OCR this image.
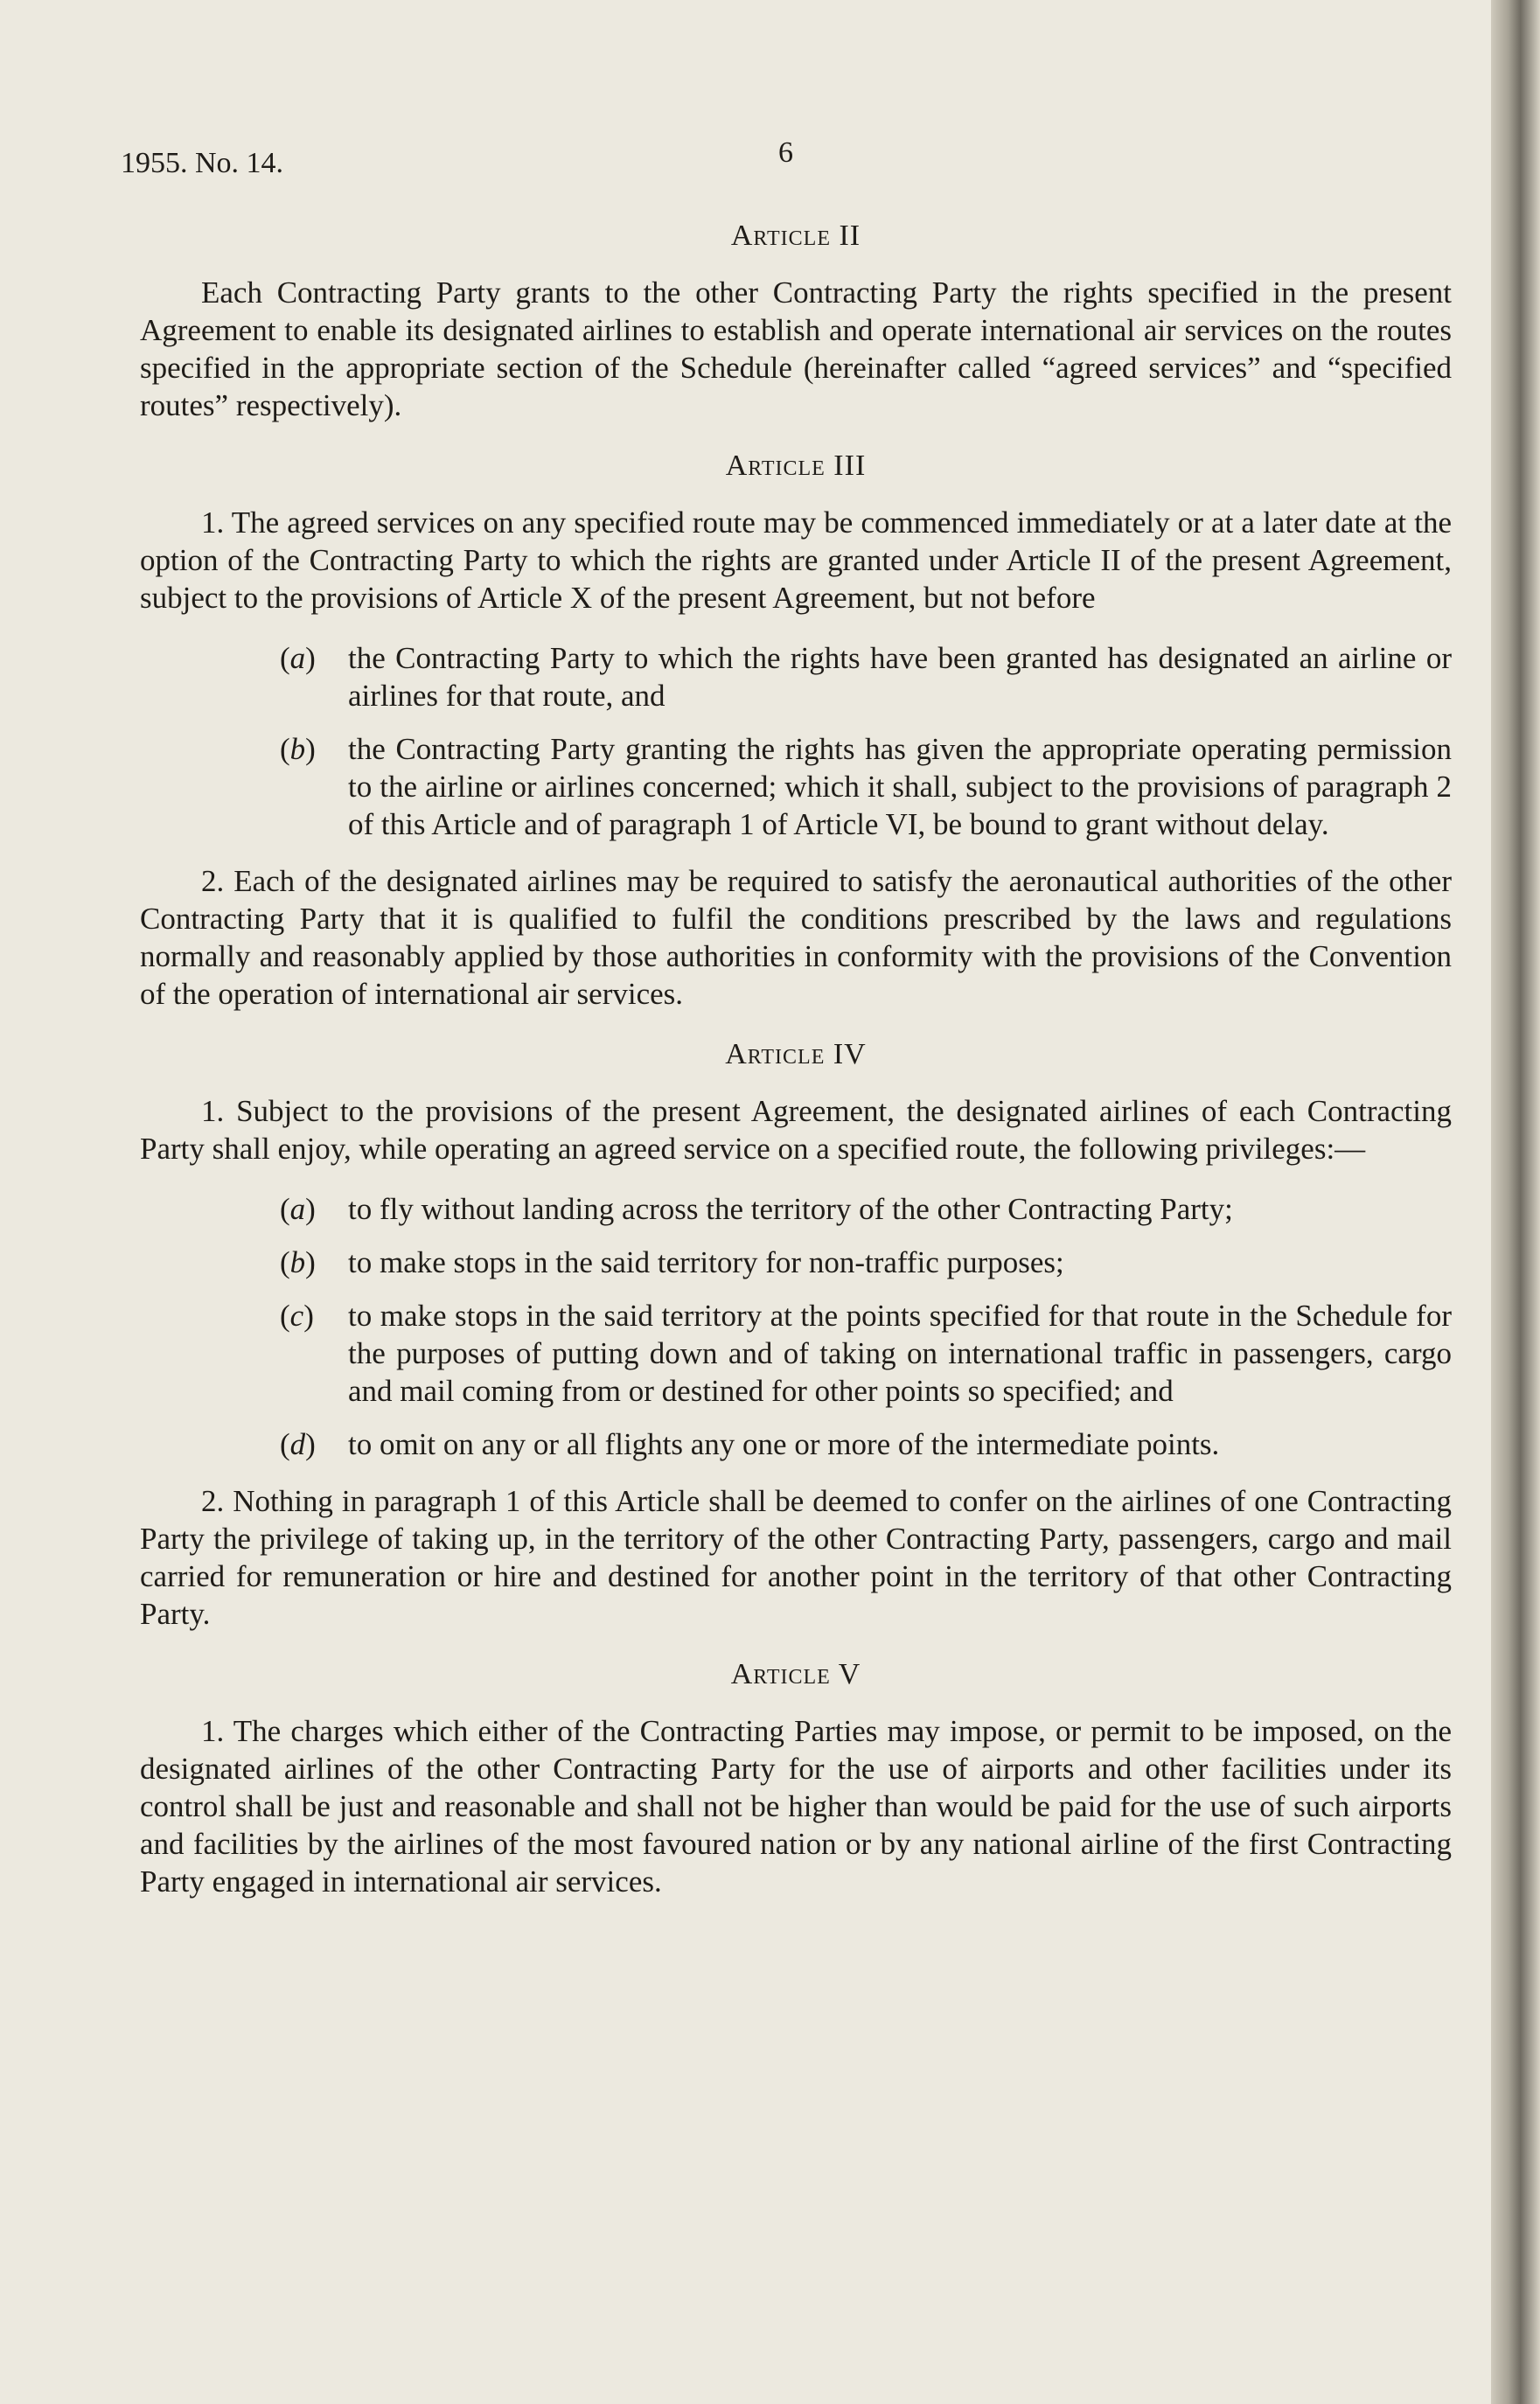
1955. No. 14.	6
Article II

Each Contracting Party grants to the other Contracting Party the rights specified in the present Agreement to enable its designated airlines to establish and operate international air services on the routes specified in the appropriate section of the Schedule (hereinafter called “agreed services” and “specified routes” respectively).

Article III

1. The agreed services on any specified route may be commenced immediately or at a later date at the option of the Contracting Party to which the rights are granted under Article II of the present Agreement, subject to the provisions of Article X of the present Agreement, but not before

(a) the Contracting Party to which the rights have been granted has designated an airline or airlines for that route, and
(b) the Contracting Party granting the rights has given the appropriate operating permission to the airline or airlines concerned; which it shall, subject to the provisions of paragraph 2 of this Article and of paragraph 1 of Article VI, be bound to grant without delay.

2. Each of the designated airlines may be required to satisfy the aeronautical authorities of the other Contracting Party that it is qualified to fulfil the conditions prescribed by the laws and regulations normally and reasonably applied by those authorities in conformity with the provisions of the Convention of the operation of international air services.

Article IV

1. Subject to the provisions of the present Agreement, the designated airlines of each Contracting Party shall enjoy, while operating an agreed service on a specified route, the following privileges:—

(a) to fly without landing across the territory of the other Contracting Party;
(b) to make stops in the said territory for non-traffic purposes;
(c) to make stops in the said territory at the points specified for that route in the Schedule for the purposes of putting down and of taking on international traffic in passengers, cargo and mail coming from or destined for other points so specified; and
(d) to omit on any or all flights any one or more of the intermediate points.

2. Nothing in paragraph 1 of this Article shall be deemed to confer on the airlines of one Contracting Party the privilege of taking up, in the territory of the other Contracting Party, passengers, cargo and mail carried for remuneration or hire and destined for another point in the territory of that other Contracting Party.

Article V

1. The charges which either of the Contracting Parties may impose, or permit to be imposed, on the designated airlines of the other Contracting Party for the use of airports and other facilities under its control shall be just and reasonable and shall not be higher than would be paid for the use of such airports and facilities by the airlines of the most favoured nation or by any national airline of the first Contracting Party engaged in international air services.
